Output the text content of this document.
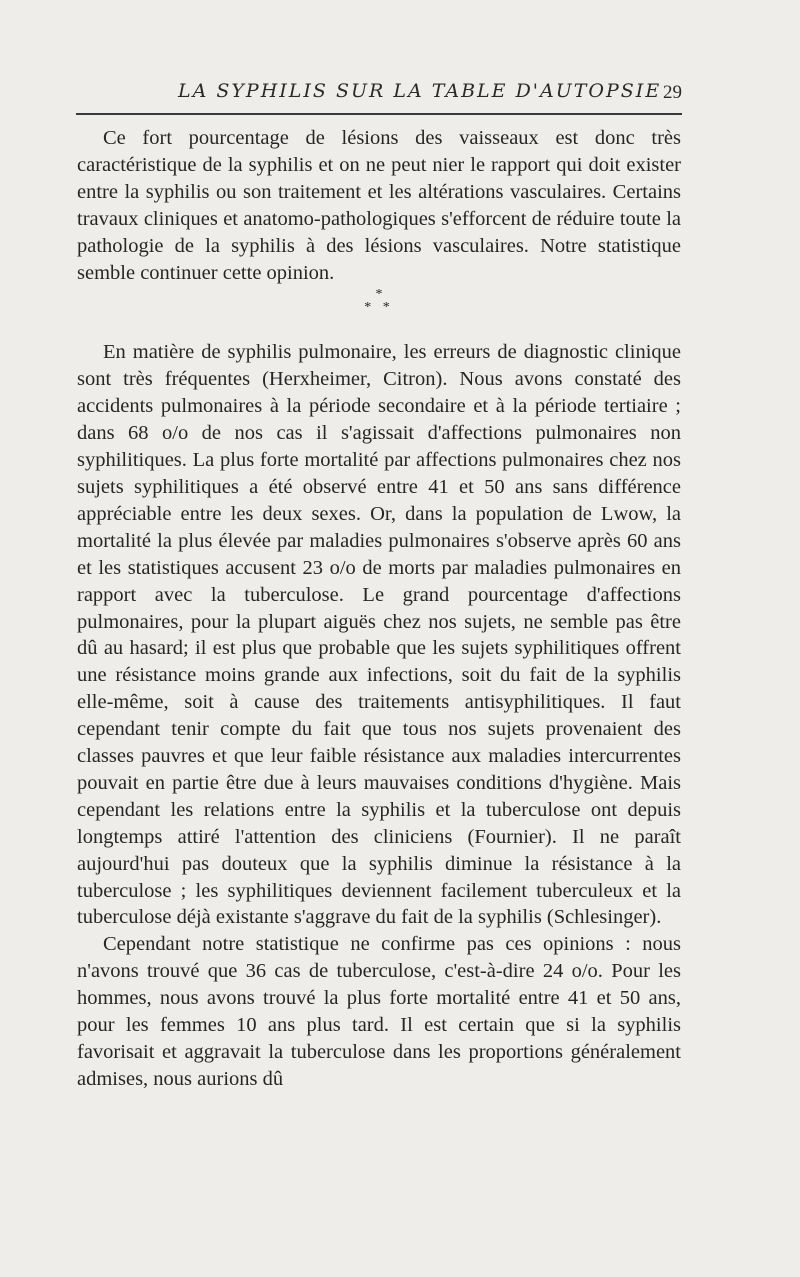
LA SYPHILIS SUR LA TABLE D'AUTOPSIE 29

Ce fort pourcentage de lésions des vaisseaux est donc très caractéristique de la syphilis et on ne peut nier le rapport qui doit exister entre la syphilis ou son traitement et les altérations vasculaires. Certains travaux cliniques et anatomo-pathologiques s'efforcent de réduire toute la pathologie de la syphilis à des lésions vasculaires. Notre statistique semble continuer cette opinion.

*
* *

En matière de syphilis pulmonaire, les erreurs de diagnostic clinique sont très fréquentes (Herxheimer, Citron). Nous avons constaté des accidents pulmonaires à la période secondaire et à la période tertiaire ; dans 68 o/o de nos cas il s'agissait d'affections pulmonaires non syphilitiques. La plus forte mortalité par affections pulmonaires chez nos sujets syphilitiques a été observé entre 41 et 50 ans sans différence appréciable entre les deux sexes. Or, dans la population de Lwow, la mortalité la plus élevée par maladies pulmonaires s'observe après 60 ans et les statistiques accusent 23 o/o de morts par maladies pulmonaires en rapport avec la tuberculose. Le grand pourcentage d'affections pulmonaires, pour la plupart aiguës chez nos sujets, ne semble pas être dû au hasard; il est plus que probable que les sujets syphilitiques offrent une résistance moins grande aux infections, soit du fait de la syphilis elle-même, soit à cause des traitements antisyphilitiques. Il faut cependant tenir compte du fait que tous nos sujets provenaient des classes pauvres et que leur faible résistance aux maladies intercurrentes pouvait en partie être due à leurs mauvaises conditions d'hygiène. Mais cependant les relations entre la syphilis et la tuberculose ont depuis longtemps attiré l'attention des cliniciens (Fournier). Il ne paraît aujourd'hui pas douteux que la syphilis diminue la résistance à la tuberculose ; les syphilitiques deviennent facilement tuberculeux et la tuberculose déjà existante s'aggrave du fait de la syphilis (Schlesinger).

Cependant notre statistique ne confirme pas ces opinions : nous n'avons trouvé que 36 cas de tuberculose, c'est-à-dire 24 o/o. Pour les hommes, nous avons trouvé la plus forte mortalité entre 41 et 50 ans, pour les femmes 10 ans plus tard. Il est certain que si la syphilis favorisait et aggravait la tuberculose dans les proportions généralement admises, nous aurions dû
